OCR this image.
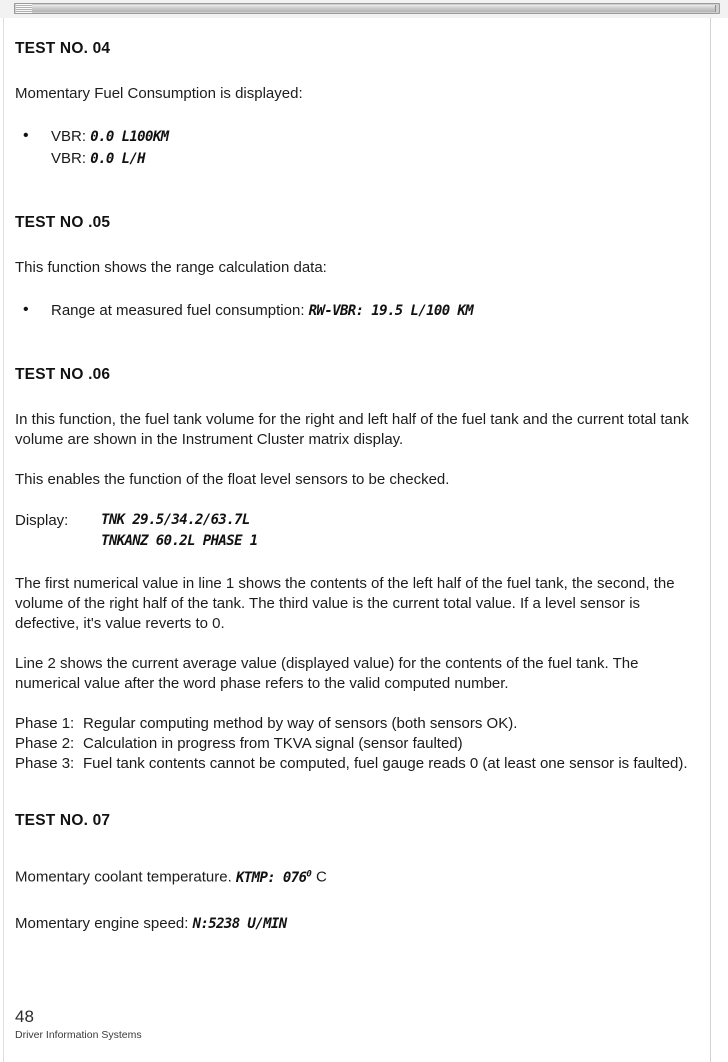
TEST NO. 04

Momentary Fuel Consumption is displayed:

• VBR: 0.0 L100KM
VBR: 0.0 L/H
TEST NO .05

This function shows the range calculation data:

• Range at measured fuel consumption: RW-VBR: 19.5 L/100 KM
TEST NO .06

In this function, the fuel tank volume for the right and left half of the fuel tank and the current total tank volume are shown in the Instrument Cluster matrix display.

This enables the function of the float level sensors to be checked.

Display:	TNK 29.5/34.2/63.7L
TNKANZ 60.2L PHASE 1

The first numerical value in line 1 shows the contents of the left half of the fuel tank, the second, the volume of the right half of the tank. The third value is the current total value. If a level sensor is defective, it's value reverts to 0.

Line 2 shows the current average value (displayed value) for the contents of the fuel tank. The numerical value after the word phase refers to the valid computed number.

Phase 1: Regular computing method by way of sensors (both sensors OK).
Phase 2: Calculation in progress from TKVA signal (sensor faulted)
Phase 3: Fuel tank contents cannot be computed, fuel gauge reads 0 (at least one sensor is faulted).
TEST NO. 07

Momentary coolant temperature. KTMP: $076^0$ C

Momentary engine speed: N:5238 U/MIN

48
Driver Information Systems
